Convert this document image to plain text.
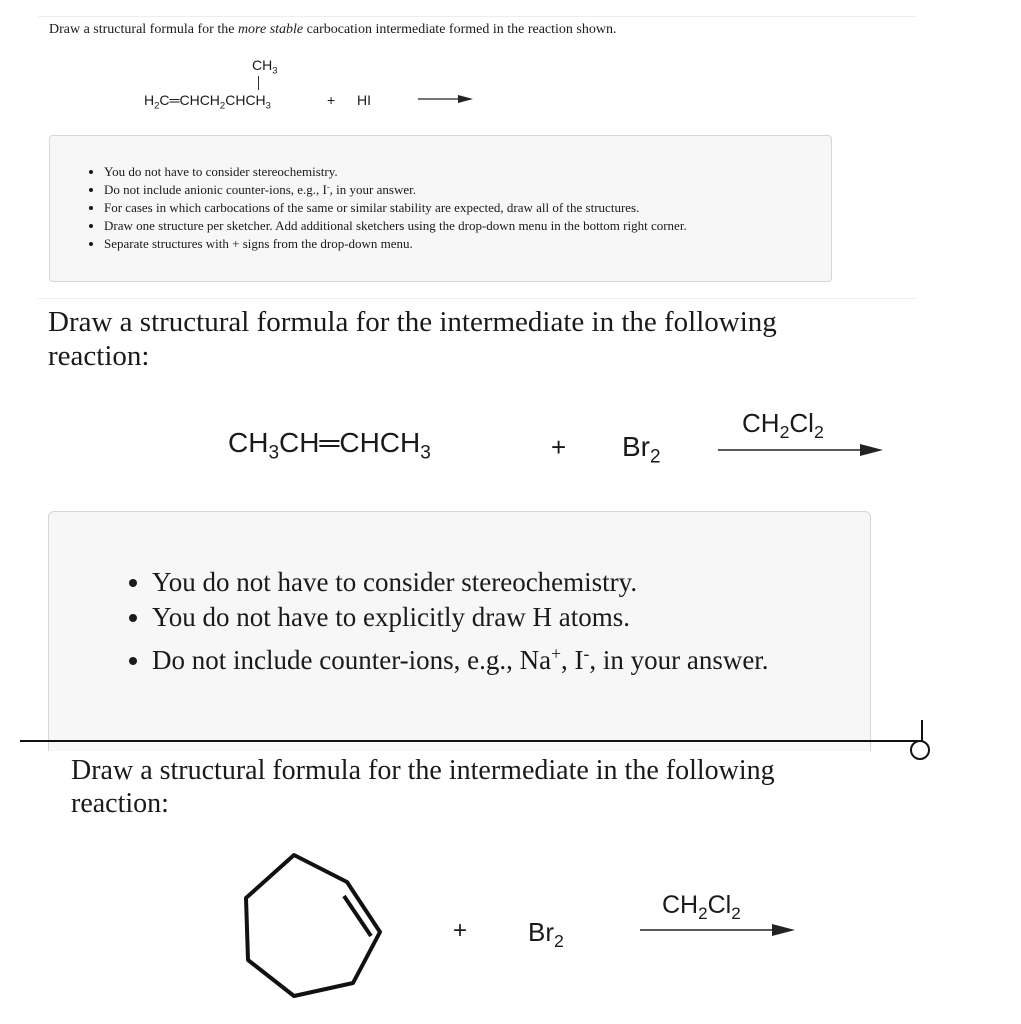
Draw a structural formula for the more stable carbocation intermediate formed in the reaction shown.
$CH_3$
$H_2C═CHCH_2CHCH_3$	+ HI
• You do not have to consider stereochemistry.
• Do not include anionic counter-ions, e.g., I-, in your answer.
• For cases in which carbocations of the same or similar stability are expected, draw all of the structures.
• Draw one structure per sketcher. Add additional sketchers using the drop-down menu in the bottom right corner.
• Separate structures with + signs from the drop-down menu.
Draw a structural formula for the intermediate in the following
reaction:
$CH_3CH═CHCH_3$	+ $Br_2$
$CH_2Cl_2$
• You do not have to consider stereochemistry.
• You do not have to explicitly draw H atoms.
• Do not include counter-ions, e.g., Na+, I-, in your answer.
Draw a structural formula for the intermediate in the following
reaction:
+ $Br_2$
$CH_2Cl_2$
